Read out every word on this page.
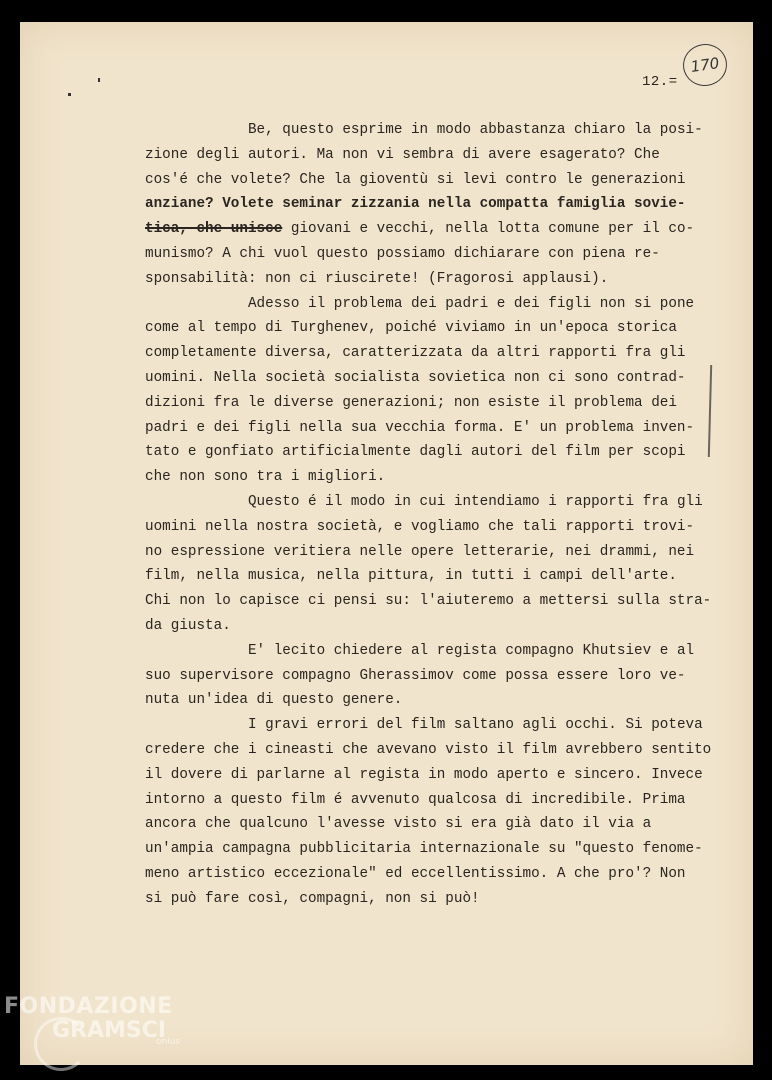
12.=
170
Be, questo esprime in modo abbastanza chiaro la posi-
zione degli autori. Ma non vi sembra di avere esagerato? Che
cos'é che volete? Che la gioventù si levi contro le generazioni
anziane? Volete seminar zizzania nella compatta famiglia sovie-
tica, che unisce giovani e vecchi, nella lotta comune per il co-
munismo? A chi vuol questo possiamo dichiarare con piena re-
sponsabilità: non ci riuscirete! (Fragorosi applausi).
Adesso il problema dei padri e dei figli non si pone
come al tempo di Turghenev, poiché viviamo in un'epoca storica
completamente diversa, caratterizzata da altri rapporti fra gli
uomini. Nella società socialista sovietica non ci sono contrad-
dizioni fra le diverse generazioni; non esiste il problema dei
padri e dei figli nella sua vecchia forma. E' un problema inven-
tato e gonfiato artificialmente dagli autori del film per scopi
che non sono tra i migliori.
Questo é il modo in cui intendiamo i rapporti fra gli
uomini nella nostra società, e vogliamo che tali rapporti trovi-
no espressione veritiera nelle opere letterarie, nei drammi, nei
film, nella musica, nella pittura, in tutti i campi dell'arte.
Chi non lo capisce ci pensi su: l'aiuteremo a mettersi sulla stra-
da giusta.
E' lecito chiedere al regista compagno Khutsiev e al
suo supervisore compagno Gherassimov come possa essere loro ve-
nuta un'idea di questo genere.
I gravi errori del film saltano agli occhi. Si poteva
credere che i cineasti che avevano visto il film avrebbero sentito
il dovere di parlarne al regista in modo aperto e sincero. Invece
intorno a questo film é avvenuto qualcosa di incredibile. Prima
ancora che qualcuno l'avesse visto si era già dato il via a
un'ampia campagna pubblicitaria internazionale su "questo fenome-
meno artistico eccezionale" ed eccellentissimo. A che pro'? Non
si può fare così, compagni, non si può!
FONDAZIONE
GRAMSCI
onlus
